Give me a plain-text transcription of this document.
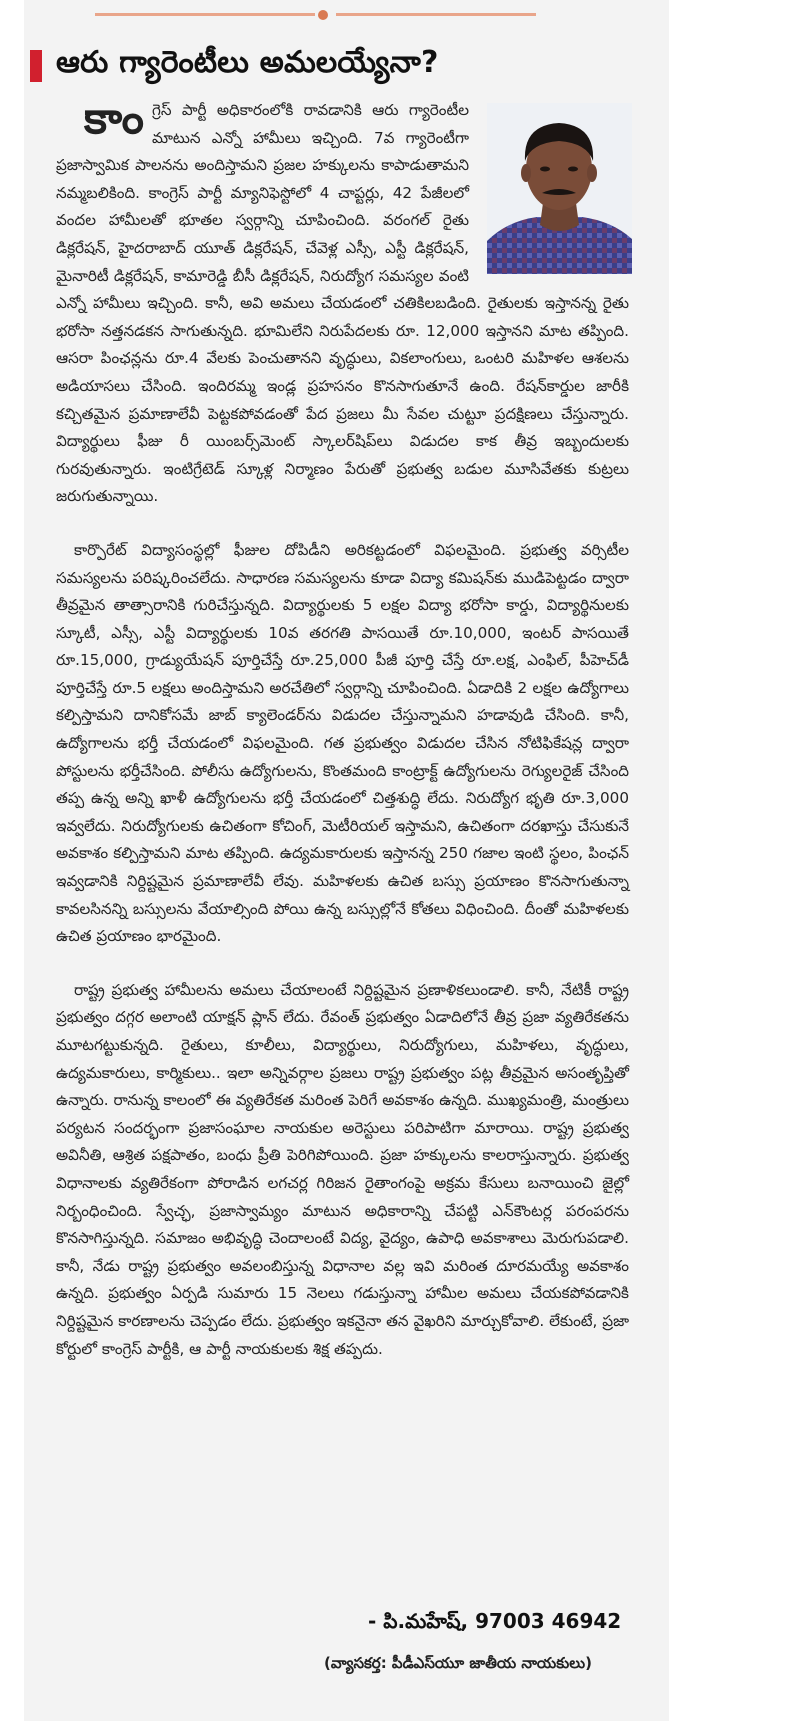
ఆరు గ్యారెంటీలు అమలయ్యేనా?

కాంగ్రెస్ పార్టీ అధికారంలోకి రావడానికి ఆరు గ్యారెంటీల మాటున ఎన్నో హామీలు ఇచ్చింది. 7వ గ్యారెంటీగా ప్రజాస్వామిక పాలనను అందిస్తామని ప్రజల హక్కులను కాపాడుతామని నమ్మబలికింది. కాంగ్రెస్ పార్టీ మ్యానిఫెస్టోలో 4 చాప్టర్లు, 42 పేజీలలో వందల హామీలతో భూతల స్వర్గాన్ని చూపించింది. వరంగల్ రైతు డిక్లరేషన్, హైదరాబాద్ యూత్ డిక్లరేషన్, చేవెళ్ల ఎస్సీ, ఎస్టీ డిక్లరేషన్, మైనారిటీ డిక్లరేషన్, కామారెడ్డి బీసీ డిక్లరేషన్, నిరుద్యోగ సమస్యల వంటి ఎన్నో హామీలు ఇచ్చింది. కానీ, అవి అమలు చేయడంలో చతికిలబడింది. రైతులకు ఇస్తానన్న రైతు భరోసా నత్తనడకన సాగుతున్నది. భూమిలేని నిరుపేదలకు రూ. 12,000 ఇస్తానని మాట తప్పింది. ఆసరా పింఛన్లను రూ.4 వేలకు పెంచుతానని వృద్ధులు, వికలాంగులు, ఒంటరి మహిళల ఆశలను అడియాసలు చేసింది. ఇందిరమ్మ ఇండ్ల ప్రహసనం కొనసాగుతూనే ఉంది. రేషన్‌కార్డుల జారీకి కచ్చితమైన ప్రమాణాలేవీ పెట్టకపోవడంతో పేద ప్రజలు మీ సేవల చుట్టూ ప్రదక్షిణలు చేస్తున్నారు. విద్యార్థులు ఫీజు రీ యింబర్స్‌మెంట్ స్కాలర్‌షిప్‌లు విడుదల కాక తీవ్ర ఇబ్బందులకు గురవుతున్నారు. ఇంటిగ్రేటెడ్ స్కూళ్ల నిర్మాణం పేరుతో ప్రభుత్వ బడుల మూసివేతకు కుట్రలు జరుగుతున్నాయి.

కార్పొరేట్ విద్యాసంస్థల్లో ఫీజుల దోపిడీని అరికట్టడంలో విఫలమైంది. ప్రభుత్వ వర్సిటీల సమస్యలను పరిష్కరించలేదు. సాధారణ సమస్యలను కూడా విద్యా కమిషన్‌కు ముడిపెట్టడం ద్వారా తీవ్రమైన తాత్సారానికి గురిచేస్తున్నది. విద్యార్థులకు 5 లక్షల విద్యా భరోసా కార్డు, విద్యార్థినులకు స్కూటీ, ఎస్సీ, ఎస్టీ విద్యార్థులకు 10వ తరగతి పాసయితే రూ.10,000, ఇంటర్ పాసయితే రూ.15,000, గ్రాడ్యుయేషన్ పూర్తిచేస్తే రూ.25,000 పీజీ పూర్తి చేస్తే రూ.లక్ష, ఎంఫిల్, పీహెచ్‌డీ పూర్తిచేస్తే రూ.5 లక్షలు అందిస్తామని అరచేతిలో స్వర్గాన్ని చూపించింది. ఏడాదికి 2 లక్షల ఉద్యోగాలు కల్పిస్తామని దానికోసమే జాబ్ క్యాలెండర్‌ను విడుదల చేస్తున్నామని హడావుడి చేసింది. కానీ, ఉద్యోగాలను భర్తీ చేయడంలో విఫలమైంది. గత ప్రభుత్వం విడుదల చేసిన నోటిఫికేషన్ల ద్వారా పోస్టులను భర్తీచేసింది. పోలీసు ఉద్యోగులను, కొంతమంది కాంట్రాక్ట్ ఉద్యోగులను రెగ్యులరైజ్ చేసింది తప్ప ఉన్న అన్ని ఖాళీ ఉద్యోగులను భర్తీ చేయడంలో చిత్తశుద్ధి లేదు. నిరుద్యోగ భృతి రూ.3,000 ఇవ్వలేదు. నిరుద్యోగులకు ఉచితంగా కోచింగ్, మెటీరియల్ ఇస్తామని, ఉచితంగా దరఖాస్తు చేసుకునే అవకాశం కల్పిస్తామని మాట తప్పింది. ఉద్యమకారులకు ఇస్తానన్న 250 గజాల ఇంటి స్థలం, పింఛన్ ఇవ్వడానికి నిర్దిష్టమైన ప్రమాణాలేవీ లేవు. మహిళలకు ఉచిత బస్సు ప్రయాణం కొనసాగుతున్నా కావలసినన్ని బస్సులను వేయాల్సింది పోయి ఉన్న బస్సుల్లోనే కోతలు విధించింది. దీంతో మహిళలకు ఉచిత ప్రయాణం భారమైంది.

రాష్ట్ర ప్రభుత్వ హామీలను అమలు చేయాలంటే నిర్దిష్టమైన ప్రణాళికలుండాలి. కానీ, నేటికీ రాష్ట్ర ప్రభుత్వం దగ్గర అలాంటి యాక్షన్ ప్లాన్ లేదు. రేవంత్ ప్రభుత్వం ఏడాదిలోనే తీవ్ర ప్రజా వ్యతిరేకతను మూటగట్టుకున్నది. రైతులు, కూలీలు, విద్యార్థులు, నిరుద్యోగులు, మహిళలు, వృద్ధులు, ఉద్యమకారులు, కార్మికులు.. ఇలా అన్నివర్గాల ప్రజలు రాష్ట్ర ప్రభుత్వం పట్ల తీవ్రమైన అసంతృప్తితో ఉన్నారు. రానున్న కాలంలో ఈ వ్యతిరేకత మరింత పెరిగే అవకాశం ఉన్నది. ముఖ్యమంత్రి, మంత్రులు పర్యటన సందర్భంగా ప్రజాసంఘాల నాయకుల అరెస్టులు పరిపాటిగా మారాయి. రాష్ట్ర ప్రభుత్వ అవినీతి, ఆశ్రిత పక్షపాతం, బంధు ప్రీతి పెరిగిపోయింది. ప్రజా హక్కులను కాలరాస్తున్నారు. ప్రభుత్వ విధానాలకు వ్యతిరేకంగా పోరాడిన లగచర్ల గిరిజన రైతాంగంపై అక్రమ కేసులు బనాయించి జైల్లో నిర్బంధించింది. స్వేచ్ఛ, ప్రజాస్వామ్యం మాటున అధికారాన్ని చేపట్టి ఎన్‌కౌంటర్ల పరంపరను కొనసాగిస్తున్నది. సమాజం అభివృద్ధి చెందాలంటే విద్య, వైద్యం, ఉపాధి అవకాశాలు మెరుగుపడాలి. కానీ, నేడు రాష్ట్ర ప్రభుత్వం అవలంబిస్తున్న విధానాల వల్ల ఇవి మరింత దూరమయ్యే అవకాశం ఉన్నది. ప్రభుత్వం ఏర్పడి సుమారు 15 నెలలు గడుస్తున్నా హామీల అమలు చేయకపోవడానికి నిర్దిష్టమైన కారణాలను చెప్పడం లేదు. ప్రభుత్వం ఇకనైనా తన వైఖరిని మార్చుకోవాలి. లేకుంటే, ప్రజా కోర్టులో కాంగ్రెస్ పార్టీకి, ఆ పార్టీ నాయకులకు శిక్ష తప్పదు.

- పి.మహేష్, 97003 46942
(వ్యాసకర్త: పీడీఎస్‌యూ జాతీయ నాయకులు)
